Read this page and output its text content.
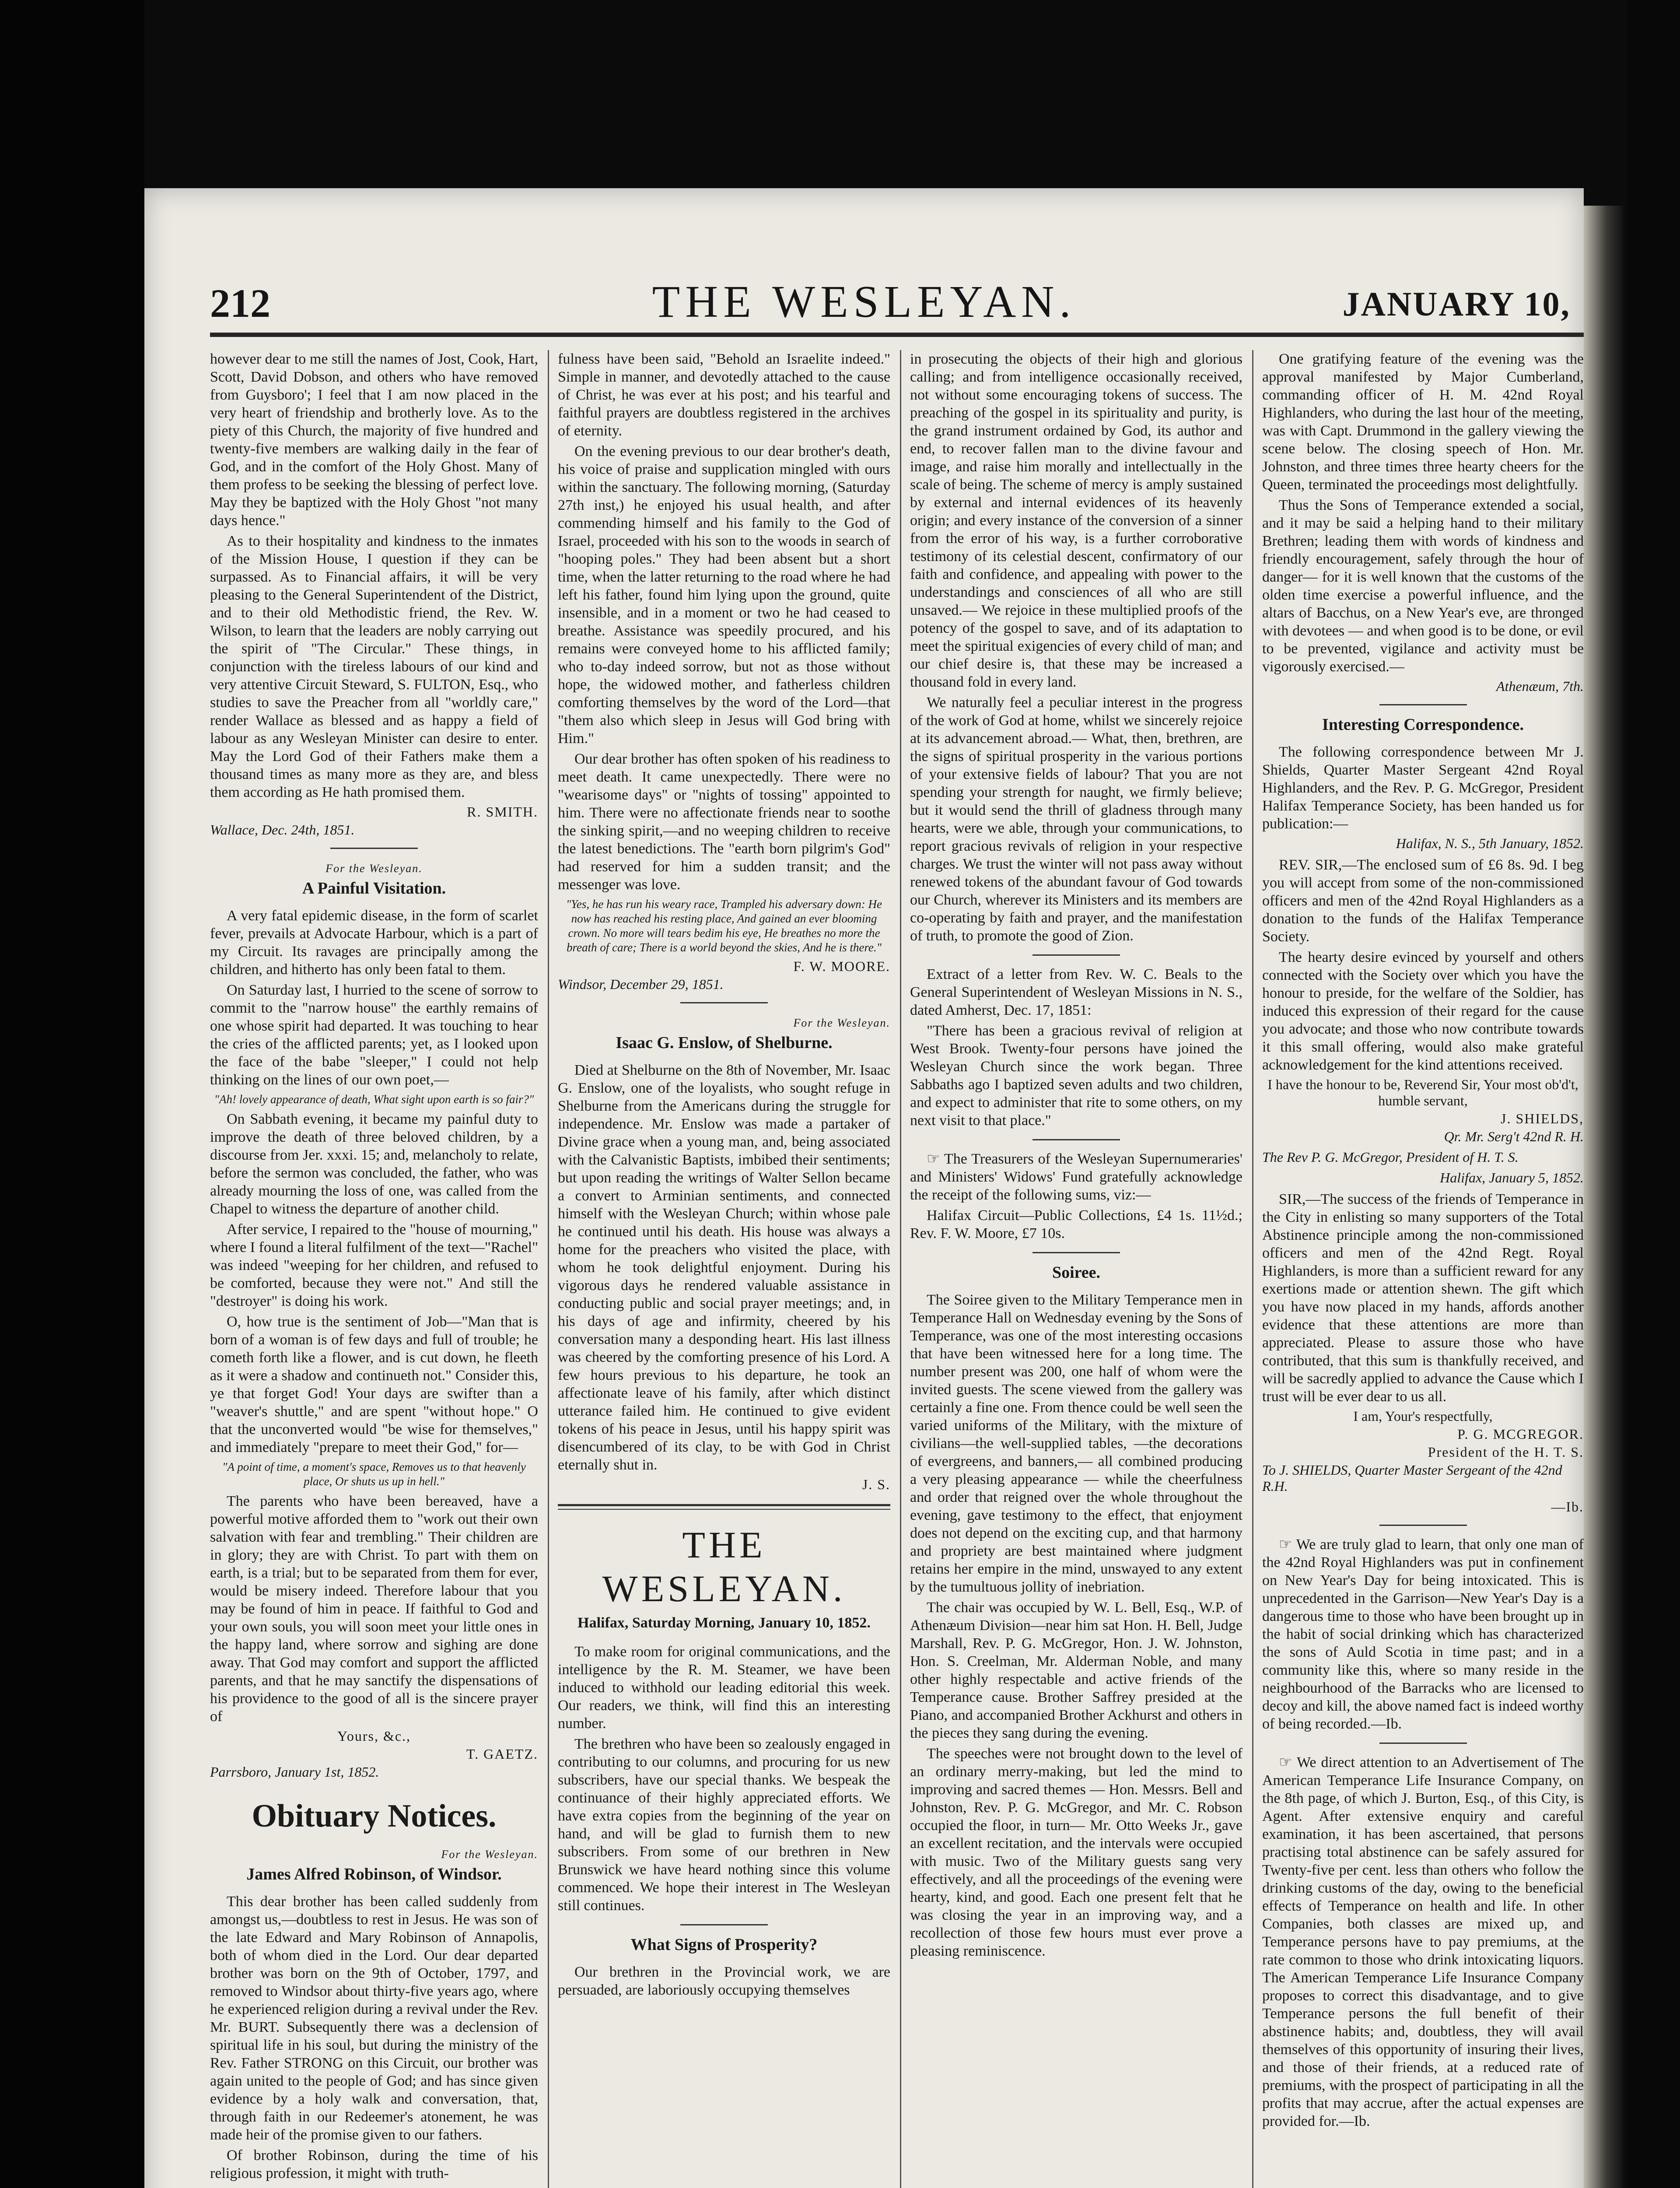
THE WESLEYAN.
212	JANUARY 10,

however dear to me still the names of Jost, Cook, Hart, Scott, David Dobson, and others who have removed from Guysboro'; I feel that I am now placed in the very heart of friendship and brotherly love. As to the piety of this Church, the majority of five hundred and twenty-five members are walking daily in the fear of God, and in the comfort of the Holy Ghost. Many of them profess to be seeking the blessing of perfect love. May they be baptized with the Holy Ghost "not many days hence."

As to their hospitality and kindness to the inmates of the Mission House, I question if they can be surpassed. As to Financial affairs, it will be very pleasing to the General Superintendent of the District, and to their old Methodistic friend, the Rev. W. Wilson, to learn that the leaders are nobly carrying out the spirit of "The Circular." These things, in conjunction with the tireless labours of our kind and very attentive Circuit Steward, S. FULTON, Esq., who studies to save the Preacher from all "worldly care," render Wallace as blessed and as happy a field of labour as any Wesleyan Minister can desire to enter. May the Lord God of their Fathers make them a thousand times as many more as they are, and bless them according as He hath promised them.

R. SMITH.
Wallace, Dec. 24th, 1851.
For the Wesleyan.
A Painful Visitation.

A very fatal epidemic disease, in the form of scarlet fever, prevails at Advocate Harbour, which is a part of my Circuit. Its ravages are principally among the children, and hitherto has only been fatal to them.

On Saturday last, I hurried to the scene of sorrow to commit to the "narrow house" the earthly remains of one whose spirit had departed. It was touching to hear the cries of the afflicted parents; yet, as I looked upon the face of the babe "sleeper," I could not help thinking on the lines of our own poet,—

"Ah! lovely appearance of death, What sight upon earth is so fair?"

On Sabbath evening, it became my painful duty to improve the death of three beloved children, by a discourse from Jer. xxxi. 15; and, melancholy to relate, before the sermon was concluded, the father, who was already mourning the loss of one, was called from the Chapel to witness the departure of another child.

After service, I repaired to the "house of mourning," where I found a literal fulfilment of the text—"Rachel" was indeed "weeping for her children, and refused to be comforted, because they were not." And still the "destroyer" is doing his work.

O, how true is the sentiment of Job—"Man that is born of a woman is of few days and full of trouble; he cometh forth like a flower, and is cut down, he fleeth as it were a shadow and continueth not." Consider this, ye that forget God! Your days are swifter than a "weaver's shuttle," and are spent "without hope." O that the unconverted would "be wise for themselves," and immediately "prepare to meet their God," for—

"A point of time, a moment's space, Removes us to that heavenly place, Or shuts us up in hell."

The parents who have been bereaved, have a powerful motive afforded them to "work out their own salvation with fear and trembling." Their children are in glory; they are with Christ. To part with them on earth, is a trial; but to be separated from them for ever, would be misery indeed. Therefore labour that you may be found of him in peace. If faithful to God and your own souls, you will soon meet your little ones in the happy land, where sorrow and sighing are done away. That God may comfort and support the afflicted parents, and that he may sanctify the dispensations of his providence to the good of all is the sincere prayer of

Yours, &c.,
T. GAETZ.
Parrsboro, January 1st, 1852.
Obituary Notices.
For the Wesleyan.
James Alfred Robinson, of Windsor.

This dear brother has been called suddenly from amongst us,—doubtless to rest in Jesus. He was son of the late Edward and Mary Robinson of Annapolis, both of whom died in the Lord. Our dear departed brother was born on the 9th of October, 1797, and removed to Windsor about thirty-five years ago, where he experienced religion during a revival under the Rev. Mr. BURT. Subsequently there was a declension of spiritual life in his soul, but during the ministry of the Rev. Father STRONG on this Circuit, our brother was again united to the people of God; and has since given evidence by a holy walk and conversation, that, through faith in our Redeemer's atonement, he was made heir of the promise given to our fathers.

Of brother Robinson, during the time of his religious profession, it might with truth-

fulness have been said, "Behold an Israelite indeed." Simple in manner, and devotedly attached to the cause of Christ, he was ever at his post; and his tearful and faithful prayers are doubtless registered in the archives of eternity.

On the evening previous to our dear brother's death, his voice of praise and supplication mingled with ours within the sanctuary. The following morning, (Saturday 27th inst,) he enjoyed his usual health, and after commending himself and his family to the God of Israel, proceeded with his son to the woods in search of "hooping poles." They had been absent but a short time, when the latter returning to the road where he had left his father, found him lying upon the ground, quite insensible, and in a moment or two he had ceased to breathe. Assistance was speedily procured, and his remains were conveyed home to his afflicted family; who to-day indeed sorrow, but not as those without hope, the widowed mother, and fatherless children comforting themselves by the word of the Lord—that "them also which sleep in Jesus will God bring with Him."

Our dear brother has often spoken of his readiness to meet death. It came unexpectedly. There were no "wearisome days" or "nights of tossing" appointed to him. There were no affectionate friends near to soothe the sinking spirit,—and no weeping children to receive the latest benedictions. The "earth born pilgrim's God" had reserved for him a sudden transit; and the messenger was love.

"Yes, he has run his weary race, Trampled his adversary down: He now has reached his resting place, And gained an ever blooming crown. No more will tears bedim his eye, He breathes no more the breath of care; There is a world beyond the skies, And he is there."
F. W. MOORE.
Windsor, December 29, 1851.
For the Wesleyan.
Isaac G. Enslow, of Shelburne.

Died at Shelburne on the 8th of November, Mr. Isaac G. Enslow, one of the loyalists, who sought refuge in Shelburne from the Americans during the struggle for independence. Mr. Enslow was made a partaker of Divine grace when a young man, and, being associated with the Calvanistic Baptists, imbibed their sentiments; but upon reading the writings of Walter Sellon became a convert to Arminian sentiments, and connected himself with the Wesleyan Church; within whose pale he continued until his death. His house was always a home for the preachers who visited the place, with whom he took delightful enjoyment. During his vigorous days he rendered valuable assistance in conducting public and social prayer meetings; and, in his days of age and infirmity, cheered by his conversation many a desponding heart. His last illness was cheered by the comforting presence of his Lord. A few hours previous to his departure, he took an affectionate leave of his family, after which distinct utterance failed him. He continued to give evident tokens of his peace in Jesus, until his happy spirit was disencumbered of its clay, to be with God in Christ eternally shut in.

J. S.
THE WESLEYAN.
Halifax, Saturday Morning, January 10, 1852.

To make room for original communications, and the intelligence by the R. M. Steamer, we have been induced to withhold our leading editorial this week. Our readers, we think, will find this an interesting number.

The brethren who have been so zealously engaged in contributing to our columns, and procuring for us new subscribers, have our special thanks. We bespeak the continuance of their highly appreciated efforts. We have extra copies from the beginning of the year on hand, and will be glad to furnish them to new subscribers. From some of our brethren in New Brunswick we have heard nothing since this volume commenced. We hope their interest in The Wesleyan still continues.

What Signs of Prosperity?

Our brethren in the Provincial work, we are persuaded, are laboriously occupying themselves

in prosecuting the objects of their high and glorious calling; and from intelligence occasionally received, not without some encouraging tokens of success. The preaching of the gospel in its spirituality and purity, is the grand instrument ordained by God, its author and end, to recover fallen man to the divine favour and image, and raise him morally and intellectually in the scale of being. The scheme of mercy is amply sustained by external and internal evidences of its heavenly origin; and every instance of the conversion of a sinner from the error of his way, is a further corroborative testimony of its celestial descent, confirmatory of our faith and confidence, and appealing with power to the understandings and consciences of all who are still unsaved.— We rejoice in these multiplied proofs of the potency of the gospel to save, and of its adaptation to meet the spiritual exigencies of every child of man; and our chief desire is, that these may be increased a thousand fold in every land.

We naturally feel a peculiar interest in the progress of the work of God at home, whilst we sincerely rejoice at its advancement abroad.— What, then, brethren, are the signs of spiritual prosperity in the various portions of your extensive fields of labour? That you are not spending your strength for naught, we firmly believe; but it would send the thrill of gladness through many hearts, were we able, through your communications, to report gracious revivals of religion in your respective charges. We trust the winter will not pass away without renewed tokens of the abundant favour of God towards our Church, wherever its Ministers and its members are co-operating by faith and prayer, and the manifestation of truth, to promote the good of Zion.

Extract of a letter from Rev. W. C. Beals to the General Superintendent of Wesleyan Missions in N. S., dated Amherst, Dec. 17, 1851:

"There has been a gracious revival of religion at West Brook. Twenty-four persons have joined the Wesleyan Church since the work began. Three Sabbaths ago I baptized seven adults and two children, and expect to administer that rite to some others, on my next visit to that place."

☞ The Treasurers of the Wesleyan Supernumeraries' and Ministers' Widows' Fund gratefully acknowledge the receipt of the following sums, viz:—

Halifax Circuit—Public Collections, £4 1s. 11½d.; Rev. F. W. Moore, £7 10s.

Soiree.

The Soiree given to the Military Temperance men in Temperance Hall on Wednesday evening by the Sons of Temperance, was one of the most interesting occasions that have been witnessed here for a long time. The number present was 200, one half of whom were the invited guests. The scene viewed from the gallery was certainly a fine one. From thence could be well seen the varied uniforms of the Military, with the mixture of civilians—the well-supplied tables, —the decorations of evergreens, and banners,— all combined producing a very pleasing appearance — while the cheerfulness and order that reigned over the whole throughout the evening, gave testimony to the effect, that enjoyment does not depend on the exciting cup, and that harmony and propriety are best maintained where judgment retains her empire in the mind, unswayed to any extent by the tumultuous jollity of inebriation.

The chair was occupied by W. L. Bell, Esq., W.P. of Athenæum Division—near him sat Hon. H. Bell, Judge Marshall, Rev. P. G. McGregor, Hon. J. W. Johnston, Hon. S. Creelman, Mr. Alderman Noble, and many other highly respectable and active friends of the Temperance cause. Brother Saffrey presided at the Piano, and accompanied Brother Ackhurst and others in the pieces they sang during the evening.

The speeches were not brought down to the level of an ordinary merry-making, but led the mind to improving and sacred themes — Hon. Messrs. Bell and Johnston, Rev. P. G. McGregor, and Mr. C. Robson occupied the floor, in turn— Mr. Otto Weeks Jr., gave an excellent recitation, and the intervals were occupied with music. Two of the Military guests sang very effectively, and all the proceedings of the evening were hearty, kind, and good. Each one present felt that he was closing the year in an improving way, and a recollection of those few hours must ever prove a pleasing reminiscence.

One gratifying feature of the evening was the approval manifested by Major Cumberland, commanding officer of H. M. 42nd Royal Highlanders, who during the last hour of the meeting, was with Capt. Drummond in the gallery viewing the scene below. The closing speech of Hon. Mr. Johnston, and three times three hearty cheers for the Queen, terminated the proceedings most delightfully.

Thus the Sons of Temperance extended a social, and it may be said a helping hand to their military Brethren; leading them with words of kindness and friendly encouragement, safely through the hour of danger— for it is well known that the customs of the olden time exercise a powerful influence, and the altars of Bacchus, on a New Year's eve, are thronged with devotees — and when good is to be done, or evil to be prevented, vigilance and activity must be vigorously exercised.—

Athenæum, 7th.
Interesting Correspondence.

The following correspondence between Mr J. Shields, Quarter Master Sergeant 42nd Royal Highlanders, and the Rev. P. G. McGregor, President Halifax Temperance Society, has been handed us for publication:—

Halifax, N. S., 5th January, 1852.

REV. SIR,—The enclosed sum of £6 8s. 9d. I beg you will accept from some of the non-commissioned officers and men of the 42nd Royal Highlanders as a donation to the funds of the Halifax Temperance Society.

The hearty desire evinced by yourself and others connected with the Society over which you have the honour to preside, for the welfare of the Soldier, has induced this expression of their regard for the cause you advocate; and those who now contribute towards it this small offering, would also make grateful acknowledgement for the kind attentions received.

I have the honour to be, Reverend Sir, Your most ob'd't, humble servant,
J. SHIELDS,
Qr. Mr. Serg't 42nd R. H.
The Rev P. G. McGregor, President of H. T. S.
Halifax, January 5, 1852.

SIR,—The success of the friends of Temperance in the City in enlisting so many supporters of the Total Abstinence principle among the non-commissioned officers and men of the 42nd Regt. Royal Highlanders, is more than a sufficient reward for any exertions made or attention shewn. The gift which you have now placed in my hands, affords another evidence that these attentions are more than appreciated. Please to assure those who have contributed, that this sum is thankfully received, and will be sacredly applied to advance the Cause which I trust will be ever dear to us all.

I am, Your's respectfully,
P. G. MCGREGOR.
President of the H. T. S.
To J. SHIELDS, Quarter Master Sergeant of the 42nd R.H.
—Ib.

☞ We are truly glad to learn, that only one man of the 42nd Royal Highlanders was put in confinement on New Year's Day for being intoxicated. This is unprecedented in the Garrison—New Year's Day is a dangerous time to those who have been brought up in the habit of social drinking which has characterized the sons of Auld Scotia in time past; and in a community like this, where so many reside in the neighbourhood of the Barracks who are licensed to decoy and kill, the above named fact is indeed worthy of being recorded.—Ib.

☞ We direct attention to an Advertisement of The American Temperance Life Insurance Company, on the 8th page, of which J. Burton, Esq., of this City, is Agent. After extensive enquiry and careful examination, it has been ascertained, that persons practising total abstinence can be safely assured for Twenty-five per cent. less than others who follow the drinking customs of the day, owing to the beneficial effects of Temperance on health and life. In other Companies, both classes are mixed up, and Temperance persons have to pay premiums, at the rate common to those who drink intoxicating liquors. The American Temperance Life Insurance Company proposes to correct this disadvantage, and to give Temperance persons the full benefit of their abstinence habits; and, doubtless, they will avail themselves of this opportunity of insuring their lives, and those of their friends, at a reduced rate of premiums, with the prospect of participating in all the profits that may accrue, after the actual expenses are provided for.—Ib.
